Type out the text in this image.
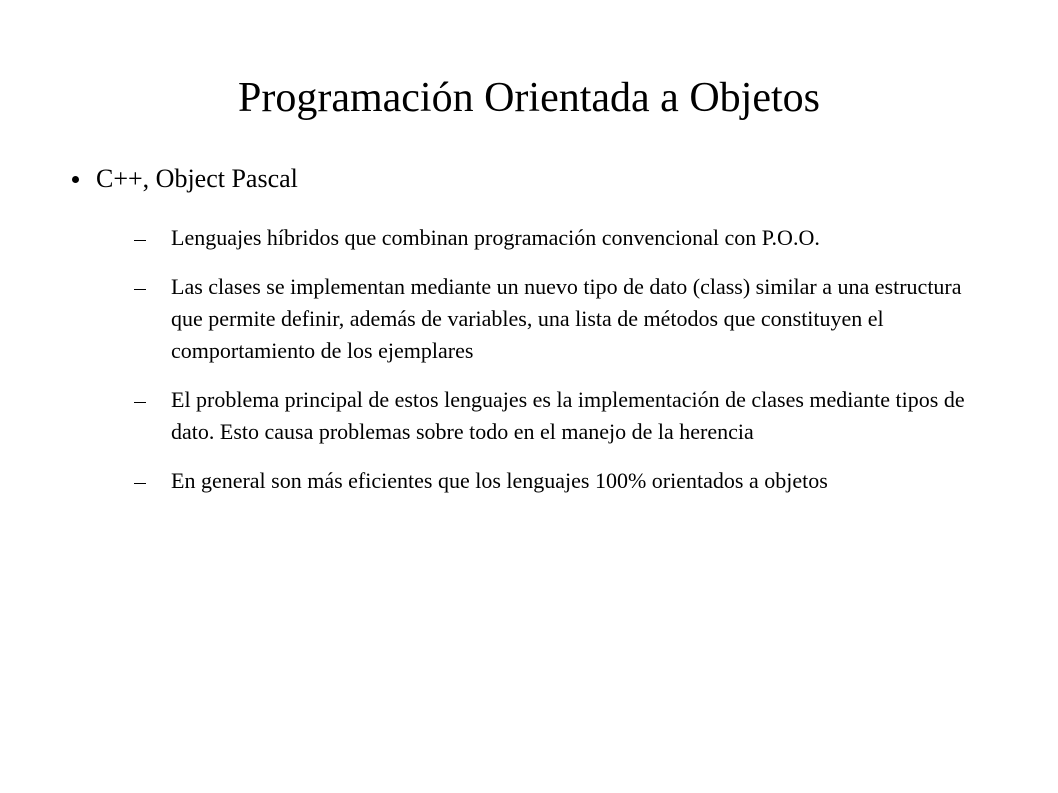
Programación Orientada a Objetos
C++, Object Pascal
Lenguajes híbridos que combinan programación convencional con P.O.O.
Las clases se implementan mediante un nuevo tipo de dato (class) similar a una estructura que permite definir, además de variables, una lista de métodos que constituyen el comportamiento de los ejemplares
El problema principal de estos lenguajes es la implementación de clases mediante tipos de dato. Esto causa problemas sobre todo en el manejo de la herencia
En general son más eficientes que los lenguajes 100% orientados a objetos
